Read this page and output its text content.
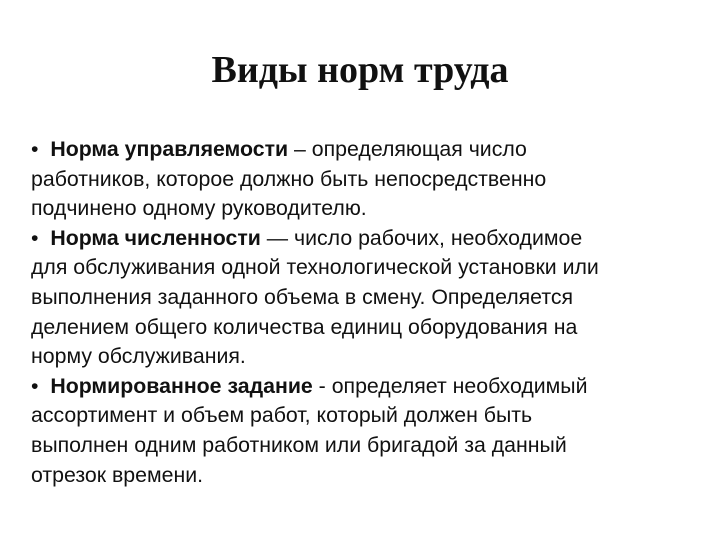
Виды норм труда
• Норма управляемости – определяющая число
работников, которое должно быть непосредственно
подчинено одному руководителю.
• Норма численности — число рабочих, необходимое
для обслуживания одной технологической установки или
выполнения заданного объема в смену. Определяется
делением общего количества единиц оборудования на
норму обслуживания.
• Нормированное задание - определяет необходимый
ассортимент и объем работ, который должен быть
выполнен одним работником или бригадой за данный
отрезок времени.
